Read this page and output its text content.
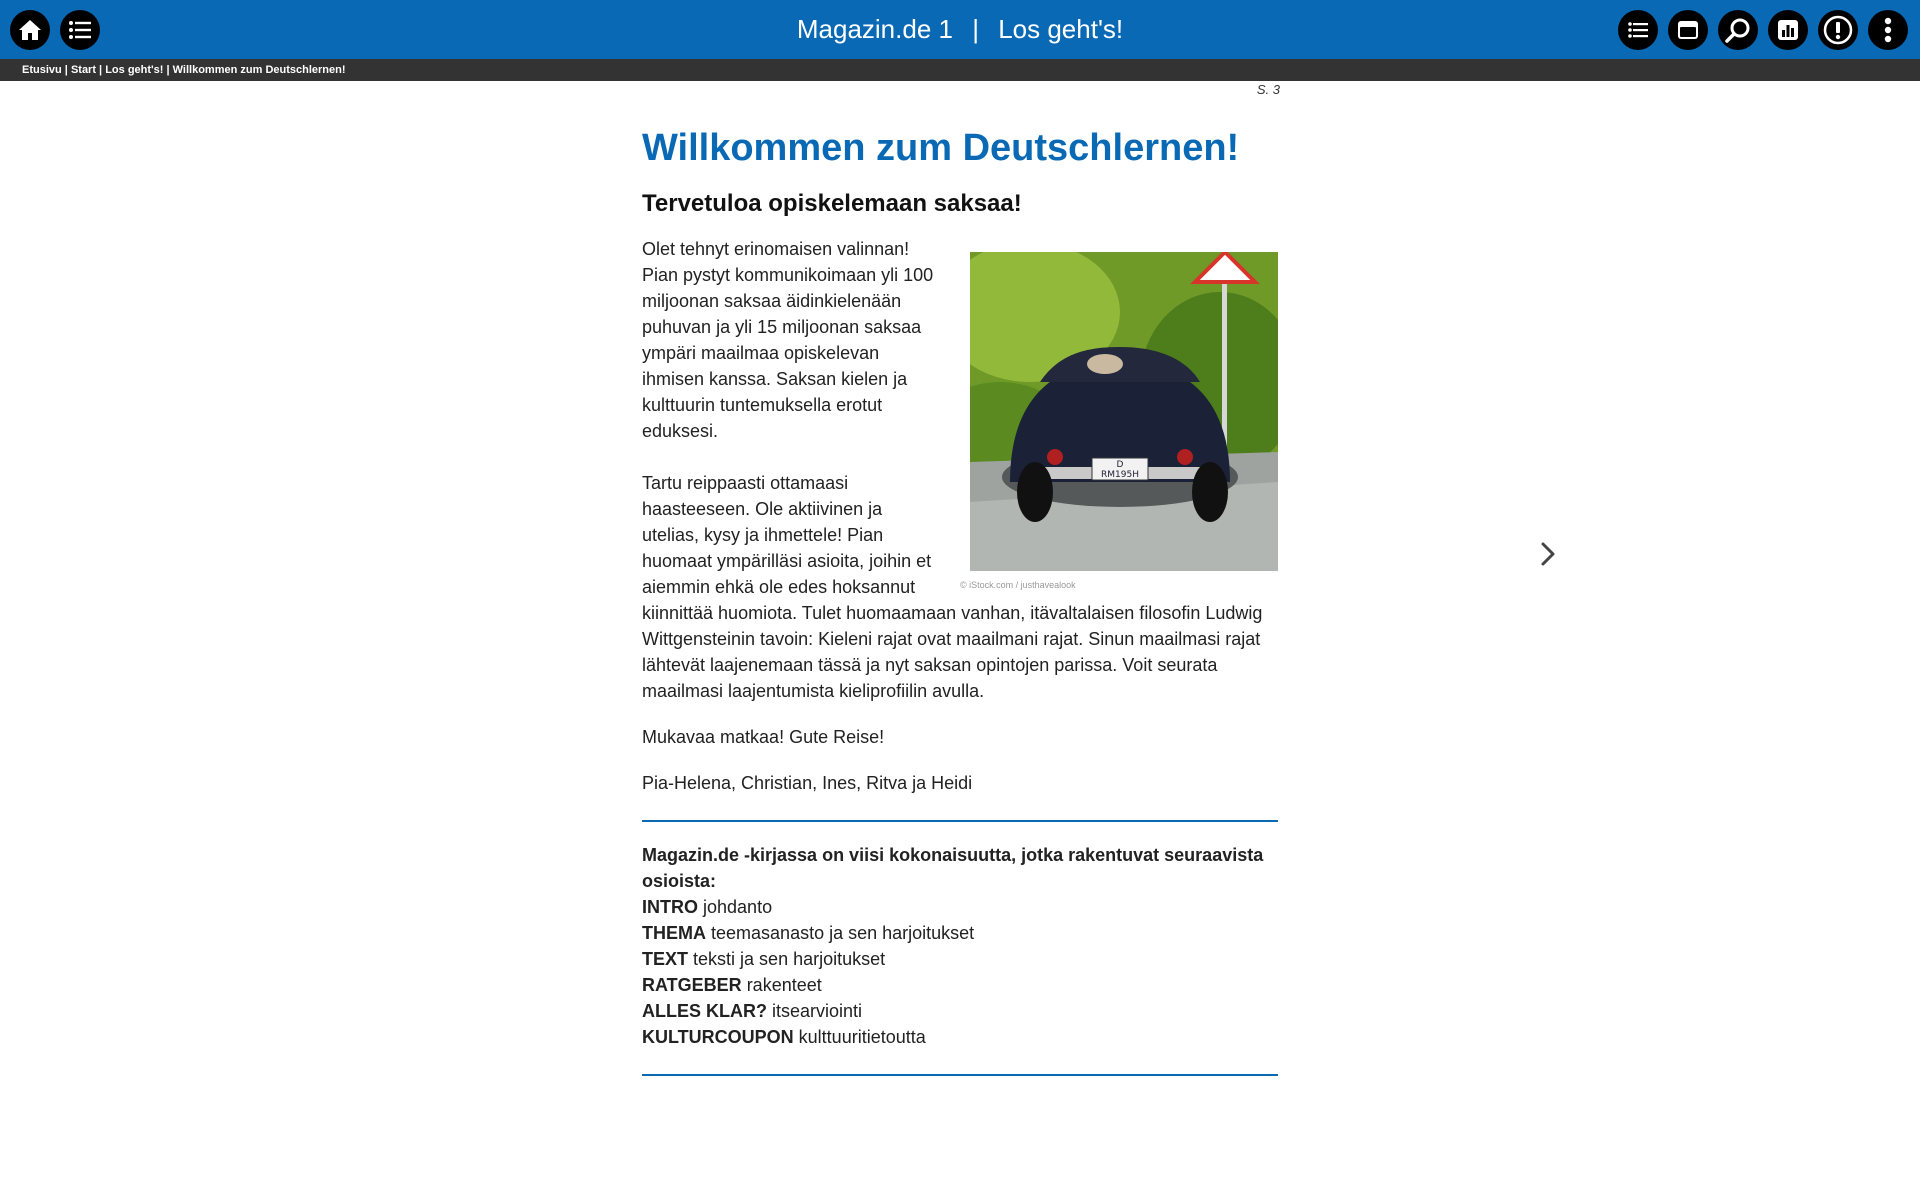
Magazin.de 1 | Los geht's!
Etusivu | Start | Los geht's! | Willkommen zum Deutschlernen!
S. 3
Willkommen zum Deutschlernen!
Tervetuloa opiskelemaan saksaa!
D
RM195H
© iStock.com / justhavealook

Olet tehnyt erinomaisen valinnan! Pian pystyt kommunikoimaan yli 100 miljoonan saksaa äidinkielenään puhuvan ja yli 15 miljoonan saksaa ympäri maailmaa opiskelevan ihmisen kanssa. Saksan kielen ja kulttuurin tuntemuksella erotut eduksesi.

Tartu reippaasti ottamaasi haasteeseen. Ole aktiivinen ja utelias, kysy ja ihmettele! Pian huomaat ympärilläsi asioita, joihin et aiemmin ehkä ole edes hoksannut kiinnittää huomiota. Tulet huomaamaan vanhan, itävaltalaisen filosofin Ludwig Wittgensteinin tavoin: Kieleni rajat ovat maailmani rajat. Sinun maailmasi rajat lähtevät laajenemaan tässä ja nyt saksan opintojen parissa. Voit seurata maailmasi laajentumista kieliprofiilin avulla.

Mukavaa matkaa! Gute Reise!

Pia-Helena, Christian, Ines, Ritva ja Heidi

Magazin.de -kirjassa on viisi kokonaisuutta, jotka rakentuvat seuraavista osioista:
INTRO johdanto
THEMA teemasanasto ja sen harjoitukset
TEXT teksti ja sen harjoitukset
RATGEBER rakenteet
ALLES KLAR? itsearviointi
KULTURCOUPON kulttuuritietoutta
